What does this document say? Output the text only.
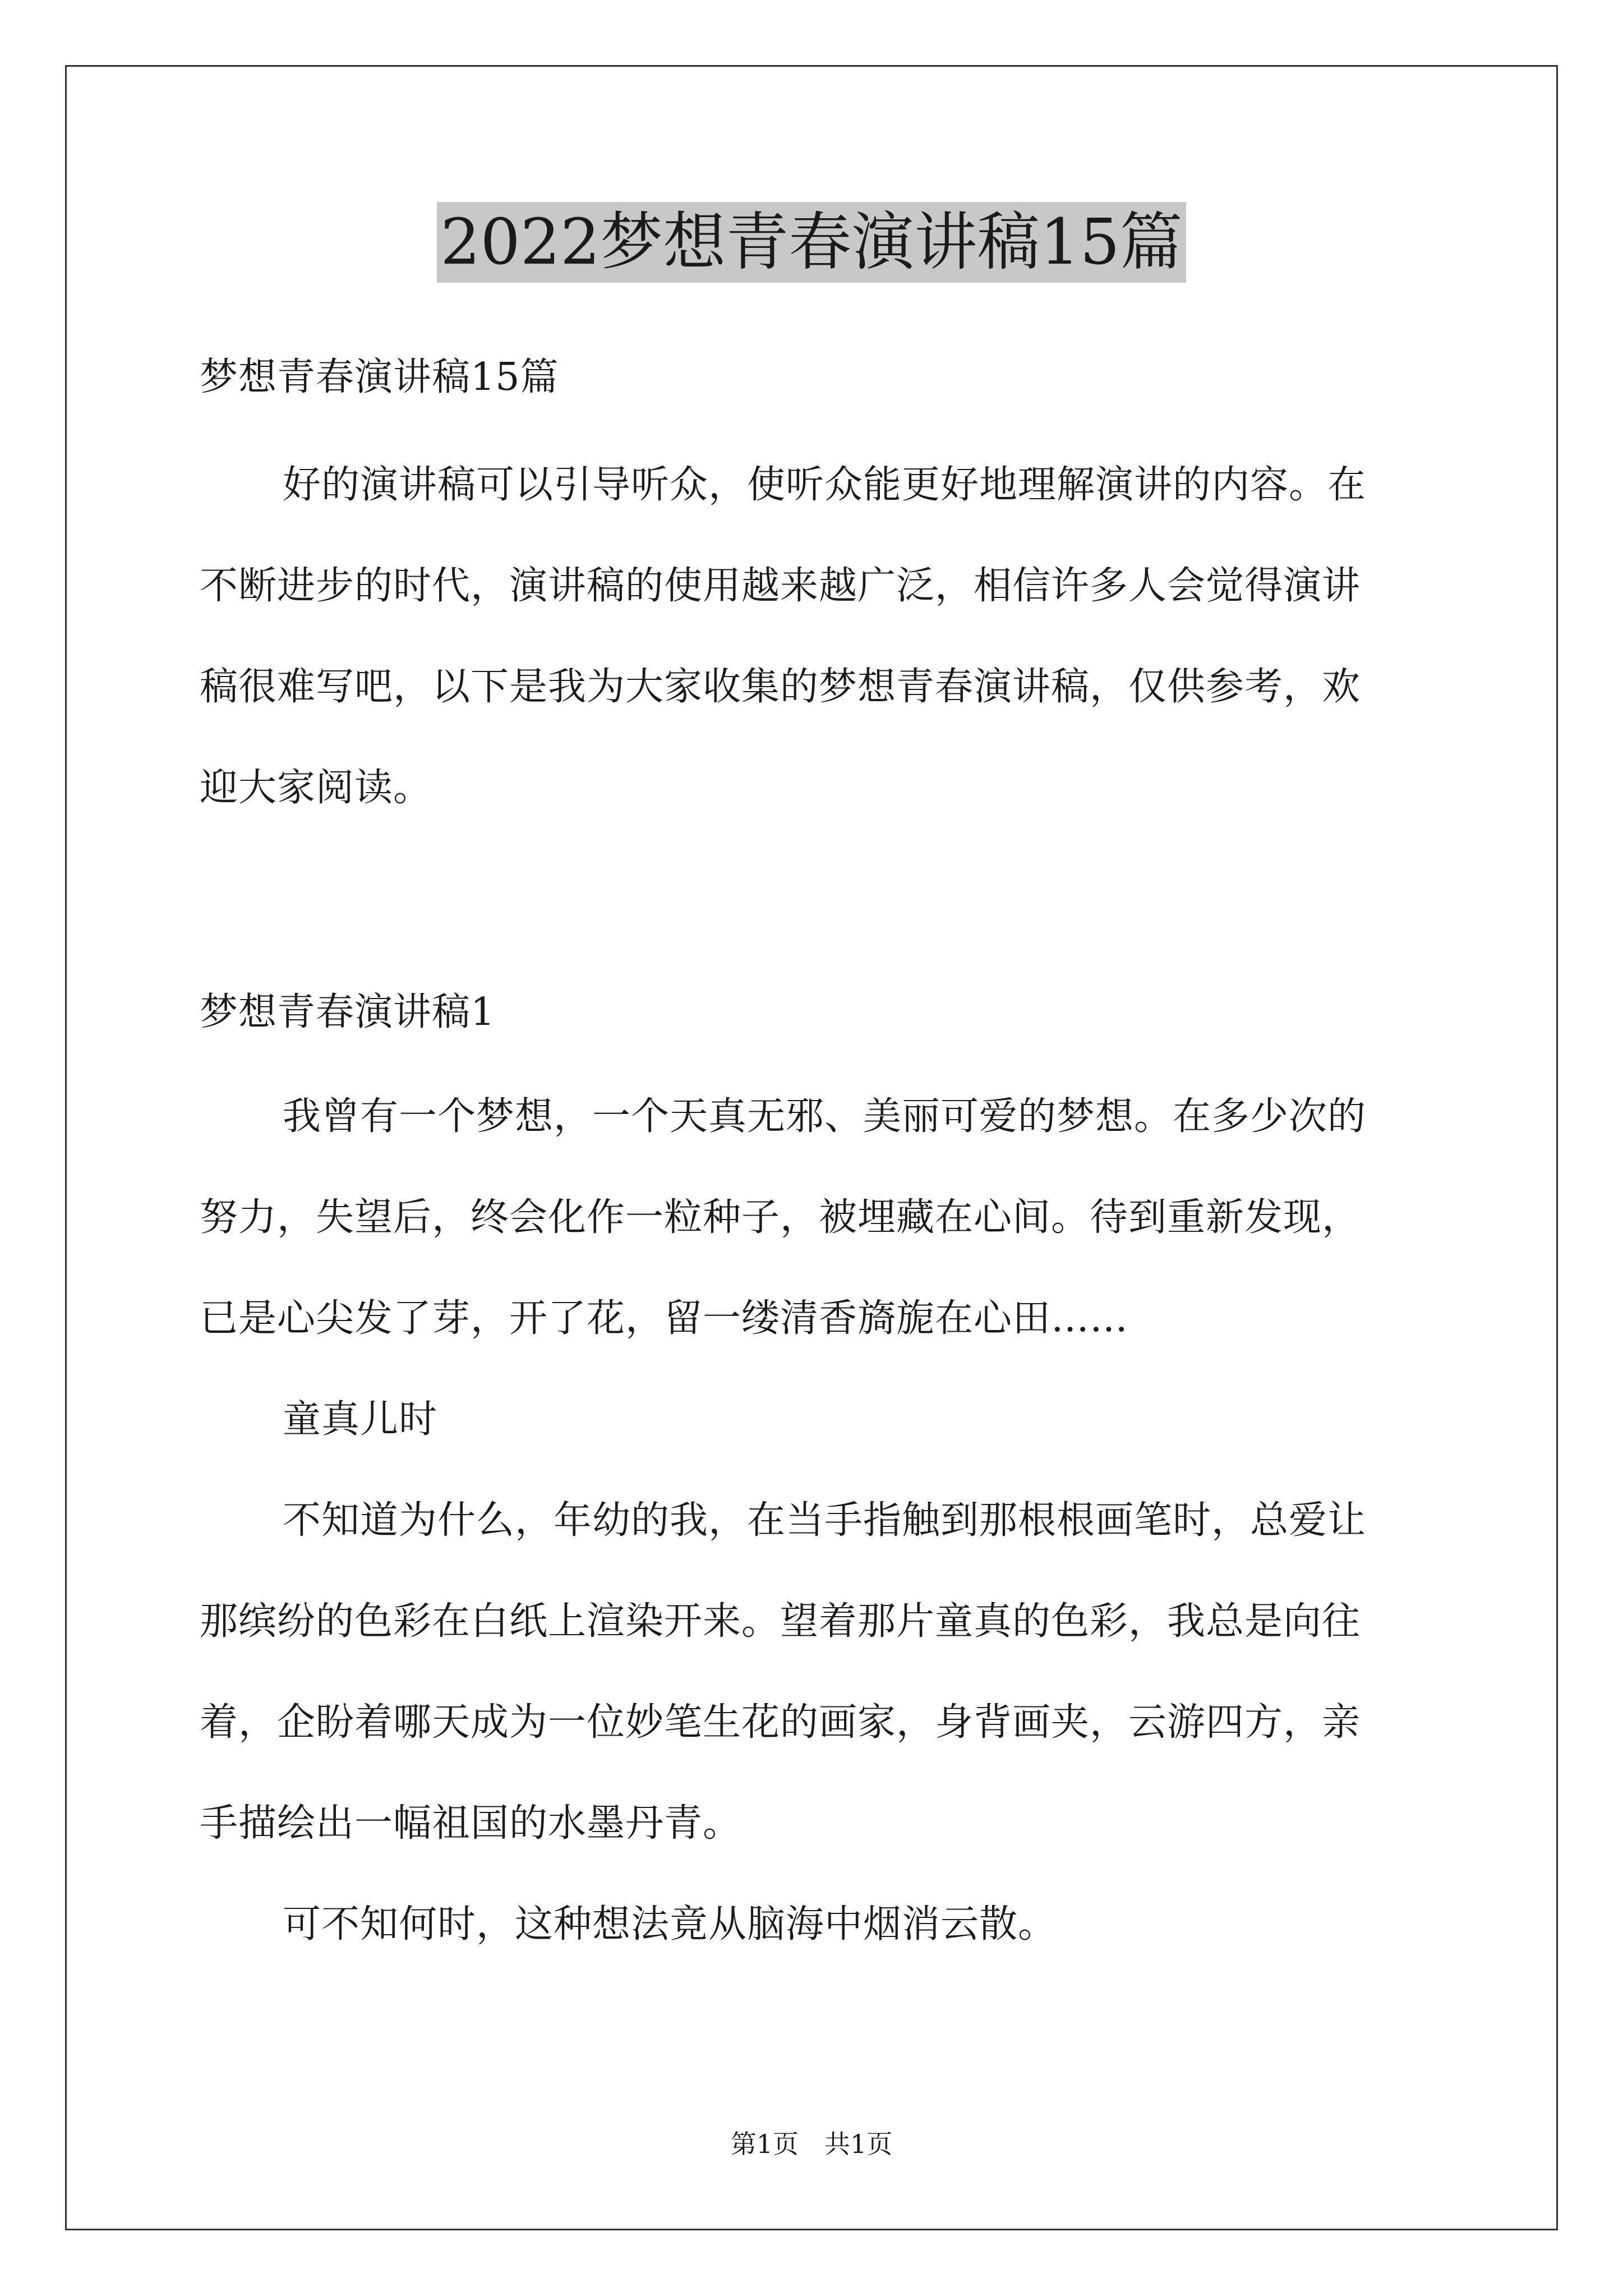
2022梦想青春演讲稿15篇
梦想青春演讲稿15篇
好的演讲稿可以引导听众，使听众能更好地理解演讲的内容。在
不断进步的时代，演讲稿的使用越来越广泛，相信许多人会觉得演讲
稿很难写吧，以下是我为大家收集的梦想青春演讲稿，仅供参考，欢
迎大家阅读。
梦想青春演讲稿1
我曾有一个梦想，一个天真无邪、美丽可爱的梦想。在多少次的
努力，失望后，终会化作一粒种子，被埋藏在心间。待到重新发现，
已是心尖发了芽，开了花，留一缕清香旖旎在心田……
童真儿时
不知道为什么，年幼的我，在当手指触到那根根画笔时，总爱让
那缤纷的色彩在白纸上渲染开来。望着那片童真的色彩，我总是向往
着，企盼着哪天成为一位妙笔生花的画家，身背画夹，云游四方，亲
手描绘出一幅祖国的水墨丹青。
可不知何时，这种想法竟从脑海中烟消云散。
第1页　共1页
